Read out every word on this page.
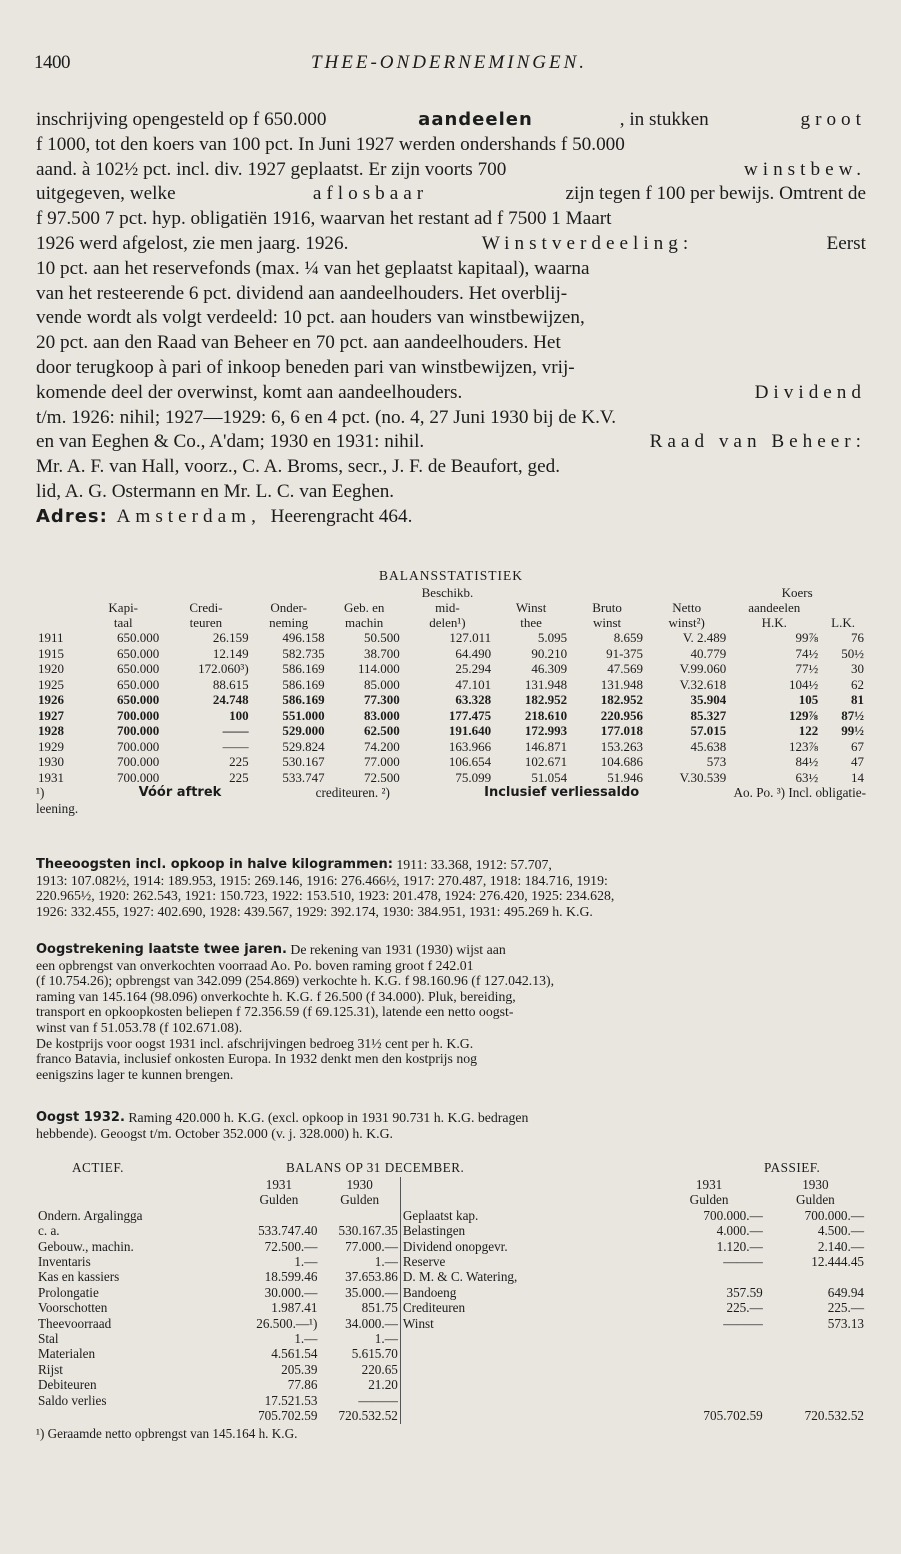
1400	THEE-ONDERNEMINGEN.
inschrijving opengesteld op f 650.000	aandeelen	, in stukken	groot
f 1000, tot den koers van 100 pct. In Juni 1927 werden ondershands f 50.000
aand. à 102½ pct. incl. div. 1927 geplaatst. Er zijn voorts 700	winstbew.
uitgegeven, welke	aflosbaar	zijn tegen f 100 per bewijs. Omtrent de
f 97.500 7 pct. hyp. obligatiën 1916, waarvan het restant ad f 7500 1 Maart
1926 werd afgelost, zie men jaarg. 1926.	Winstverdeeling:	Eerst
10 pct. aan het reservefonds (max. ¼ van het geplaatst kapitaal), waarna
van het resteerende 6 pct. dividend aan aandeelhouders. Het overblij-
vende wordt als volgt verdeeld: 10 pct. aan houders van winstbewijzen,
20 pct. aan den Raad van Beheer en 70 pct. aan aandeelhouders. Het
door terugkoop à pari of inkoop beneden pari van winstbewijzen, vrij-
komende deel der overwinst, komt aan aandeelhouders.	Dividend
t/m. 1926: nihil; 1927—1929: 6, 6 en 4 pct. (no. 4, 27 Juni 1930 bij de K.V.
en van Eeghen & Co., A'dam; 1930 en 1931: nihil.	Raad van Beheer:
Mr. A. F. van Hall, voorz., C. A. Broms, secr., J. F. de Beaufort, ged.
lid, A. G. Ostermann en Mr. L. C. van Eeghen.
Adres: Amsterdam, Heerengracht 464.
BALANSSTATISTIEK
					Beschikb.				Koers	
	Kapi-	Credi-	Onder-	Geb. en	mid-	Winst	Bruto	Netto	aandeelen	
	taal	teuren	neming	machin	delen¹)	thee	winst	winst²)	H.K.	L.K.
1911	650.000	26.159	496.158	50.500	127.011	5.095	8.659	V. 2.489	99⅞	76
1915	650.000	12.149	582.735	38.700	64.490	90.210	91-375	40.779	74½	50½
1920	650.000	172.060³)	586.169	114.000	25.294	46.309	47.569	V.99.060	77½	30
1925	650.000	88.615	586.169	85.000	47.101	131.948	131.948	V.32.618	104½	62
1926	650.000	24.748	586.169	77.300	63.328	182.952	182.952	35.904	105	81
1927	700.000	100	551.000	83.000	177.475	218.610	220.956	85.327	129⅞	87½
1928	700.000	——	529.000	62.500	191.640	172.993	177.018	57.015	122	99½
1929	700.000	——	529.824	74.200	163.966	146.871	153.263	45.638	123⅞	67
1930	700.000	225	530.167	77.000	106.654	102.671	104.686	573	84½	47
1931	700.000	225	533.747	72.500	75.099	51.054	51.946	V.30.539	63½	14
¹)	Vóór aftrek	crediteuren. ²)	Inclusief verliessaldo	Ao. Po. ³) Incl. obligatie-
leening.
Theeoogsten incl. opkoop in halve kilogrammen: 1911: 33.368, 1912: 57.707,
1913: 107.082½, 1914: 189.953, 1915: 269.146, 1916: 276.466½, 1917: 270.487, 1918: 184.716, 1919:
220.965½, 1920: 262.543, 1921: 150.723, 1922: 153.510, 1923: 201.478, 1924: 276.420, 1925: 234.628,
1926: 332.455, 1927: 402.690, 1928: 439.567, 1929: 392.174, 1930: 384.951, 1931: 495.269 h. K.G.
Oogstrekening laatste twee jaren. De rekening van 1931 (1930) wijst aan
een opbrengst van onverkochten voorraad Ao. Po. boven raming groot f 242.01
(f 10.754.26); opbrengst van 342.099 (254.869) verkochte h. K.G. f 98.160.96 (f 127.042.13),
raming van 145.164 (98.096) onverkochte h. K.G. f 26.500 (f 34.000). Pluk, bereiding,
transport en opkoopkosten beliepen f 72.356.59 (f 69.125.31), latende een netto oogst-
winst van f 51.053.78 (f 102.671.08).
De kostprijs voor oogst 1931 incl. afschrijvingen bedroeg 31½ cent per h. K.G.
franco Batavia, inclusief onkosten Europa. In 1932 denkt men den kostprijs nog
eenigszins lager te kunnen brengen.
Oogst 1932. Raming 420.000 h. K.G. (excl. opkoop in 1931 90.731 h. K.G. bedragen
hebbende). Geoogst t/m. October 352.000 (v. j. 328.000) h. K.G.
ACTIEF.	BALANS OP 31 DECEMBER.	PASSIEF.
	1931	1930		1931	1930
	Gulden	Gulden		Gulden	Gulden
Ondern. Argalingga			Geplaatst kap.	700.000.—	700.000.—
c. a.	533.747.40	530.167.35	Belastingen	4.000.—	4.500.—
Gebouw., machin.	72.500.—	77.000.—	Dividend onopgevr.	1.120.—	2.140.—
Inventaris	1.—	1.—	Reserve	———	12.444.45
Kas en kassiers	18.599.46	37.653.86	D. M. & C. Watering,		
Prolongatie	30.000.—	35.000.—	Bandoeng	357.59	649.94
Voorschotten	1.987.41	851.75	Crediteuren	225.—	225.—
Theevoorraad	26.500.—¹)	34.000.—	Winst	———	573.13
Stal	1.—	1.—			
Materialen	4.561.54	5.615.70			
Rijst	205.39	220.65			
Debiteuren	77.86	21.20			
Saldo verlies	17.521.53	———			
	705.702.59	720.532.52		705.702.59	720.532.52
¹) Geraamde netto opbrengst van 145.164 h. K.G.
